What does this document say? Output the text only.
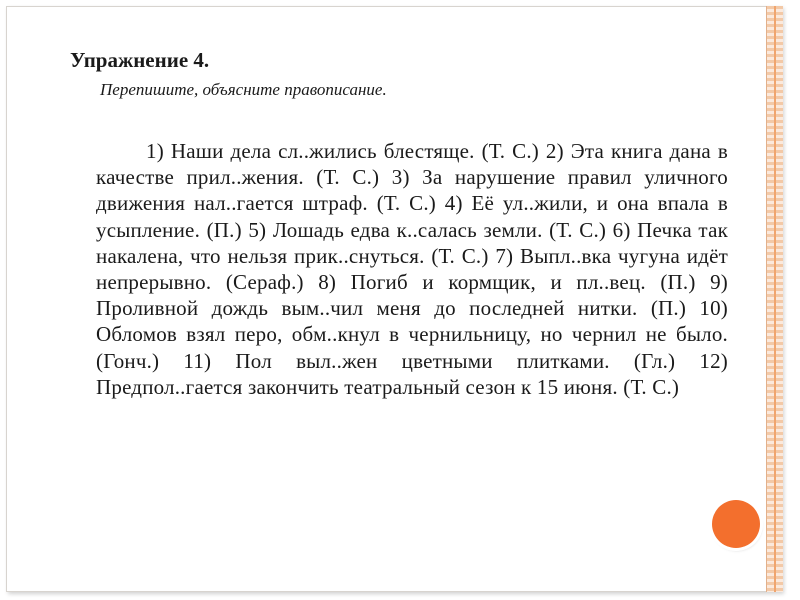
Упражнение 4.

Перепишите, объясните правописание.

1) Наши дела сл..жились блестяще. (Т. С.) 2) Эта книга дана в качестве прил..жения. (Т. С.) 3) За нарушение правил уличного движения нал..гается штраф. (Т. С.) 4) Её ул..жили, и она впала в усыпление. (П.) 5) Лошадь едва к..салась земли. (Т. С.) 6) Печка так накалена, что нельзя прик..снуться. (Т. С.) 7) Выпл..вка чугуна идёт непрерывно. (Сераф.) 8) Погиб и кормщик, и пл..вец. (П.) 9) Проливной дождь вым..чил меня до последней нитки. (П.) 10) Обломов взял перо, обм..кнул в чернильницу, но чернил не было. (Гонч.) 11) Пол выл..жен цветными плитками. (Гл.) 12) Предпол..гается закончить театральный сезон к 15 июня. (Т. С.)
